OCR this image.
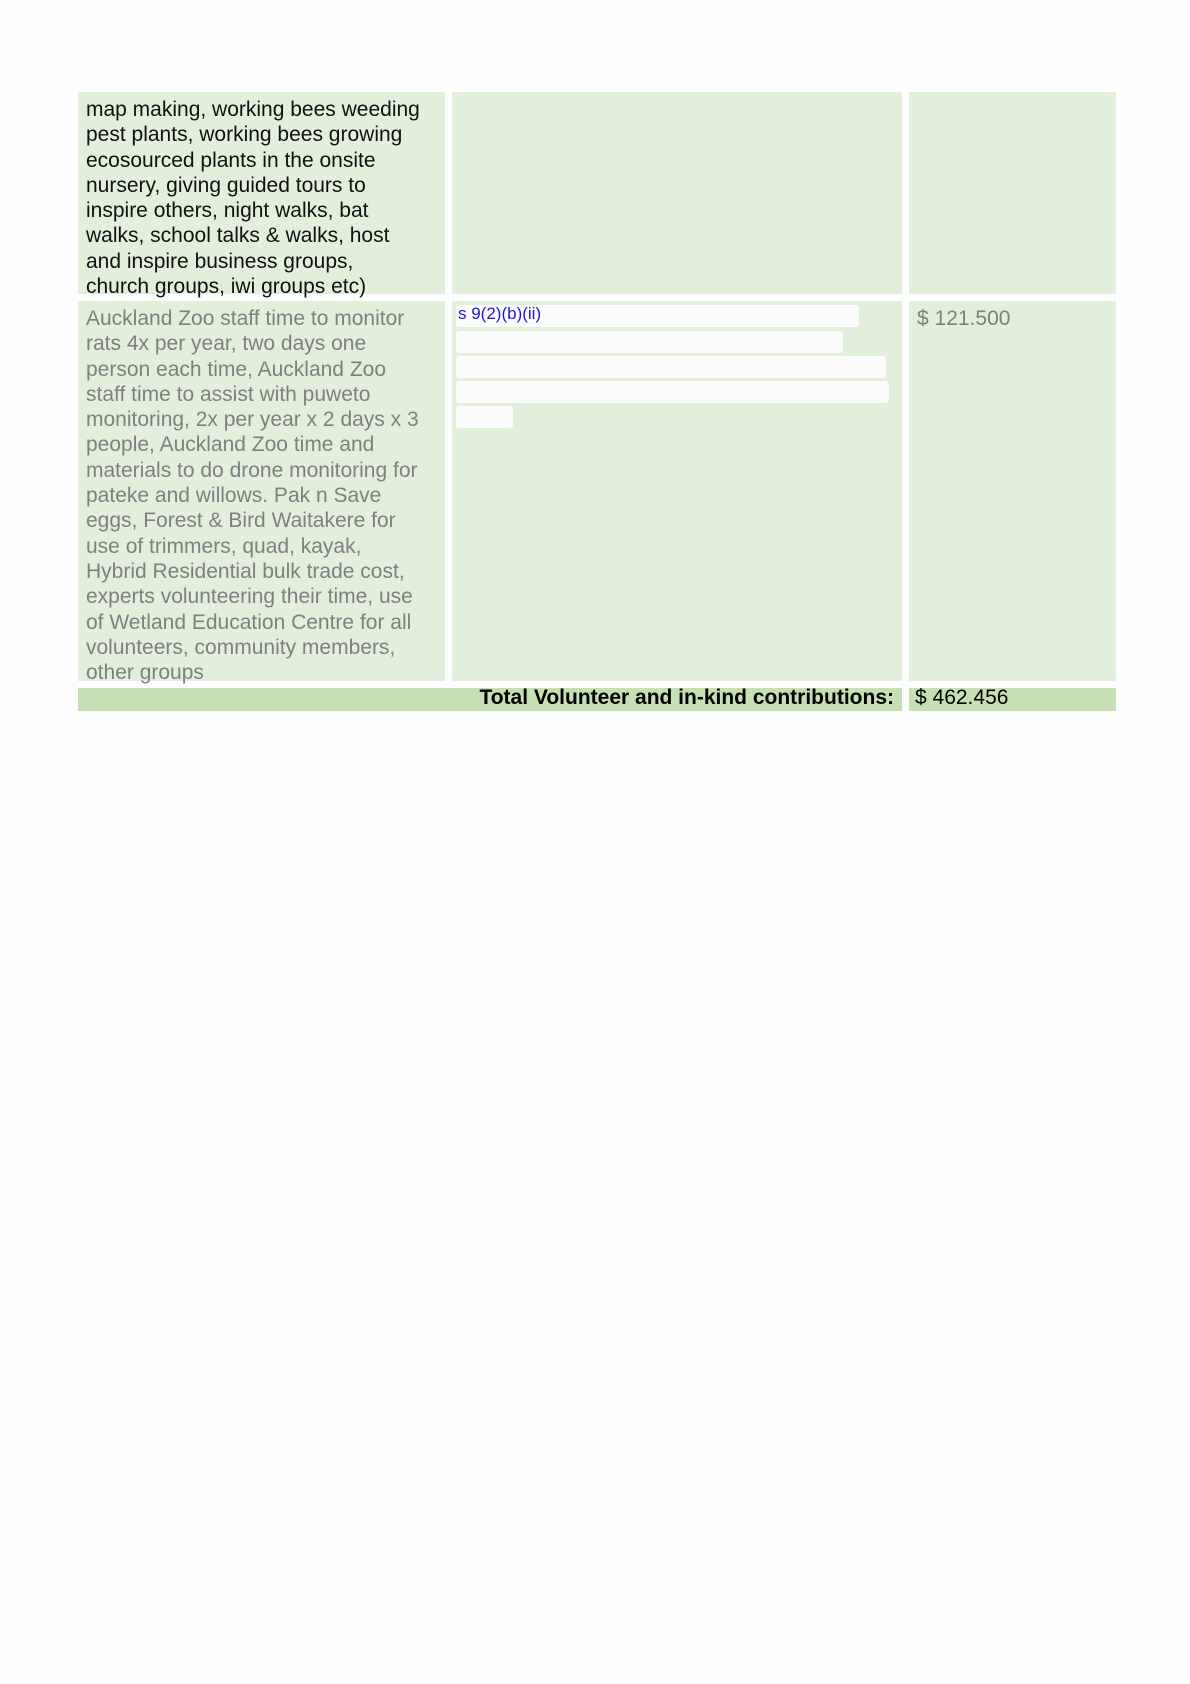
map making, working bees weeding
pest plants, working bees growing
ecosourced plants in the onsite
nursery, giving guided tours to
inspire others, night walks, bat
walks, school talks & walks, host
and inspire business groups,
church groups, iwi groups etc)
Auckland Zoo staff time to monitor
rats 4x per year, two days one
person each time, Auckland Zoo
staff time to assist with puweto
monitoring, 2x per year x 2 days x 3
people, Auckland Zoo time and
materials to do drone monitoring for
pateke and willows. Pak n Save
eggs, Forest & Bird Waitakere for
use of trimmers, quad, kayak,
Hybrid Residential bulk trade cost,
experts volunteering their time, use
of Wetland Education Centre for all
volunteers, community members,
other groups
$ 121.500
s 9(2)(b)(ii)
Total Volunteer and in-kind contributions: $ 462.456
